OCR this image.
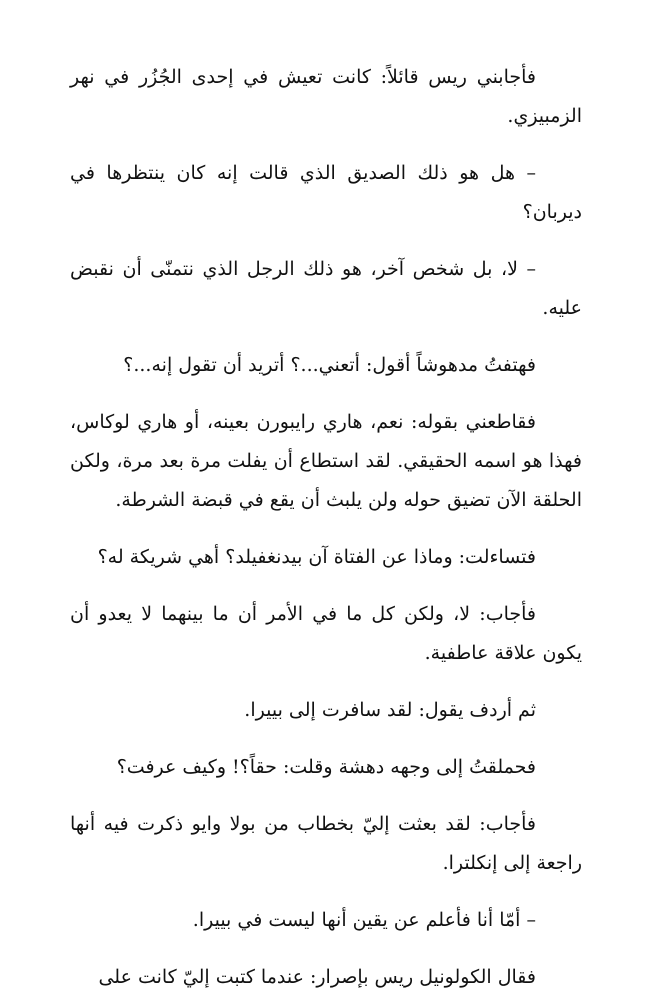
فأجابني ريس قائلاً: كانت تعيش في إحدى الجُزُر في نهر الزمبيزي.

– هل هو ذلك الصديق الذي قالت إنه كان ينتظرها في ديربان؟

– لا، بل شخص آخر، هو ذلك الرجل الذي نتمنّى أن نقبض عليه.

فهتفتُ مدهوشاً أقول: أتعني...؟ أتريد أن تقول إنه...؟

فقاطعني بقوله: نعم، هاري رايبورن بعينه، أو هاري لوكاس، فهذا هو اسمه الحقيقي. لقد استطاع أن يفلت مرة بعد مرة، ولكن الحلقة الآن تضيق حوله ولن يلبث أن يقع في قبضة الشرطة.

فتساءلت: وماذا عن الفتاة آن بيدنغفيلد؟ أهي شريكة له؟

فأجاب: لا، ولكن كل ما في الأمر أن ما بينهما لا يعدو أن يكون علاقة عاطفية.

ثم أردف يقول: لقد سافرت إلى بييرا.

فحملقتُ إلى وجهه دهشة وقلت: حقاً؟! وكيف عرفت؟

فأجاب: لقد بعثت إليّ بخطاب من بولا وايو ذكرت فيه أنها راجعة إلى إنكلترا.

– أمّا أنا فأعلم عن يقين أنها ليست في بييرا.

فقال الكولونيل ريس بإصرار: عندما كتبت إليّ كانت على
